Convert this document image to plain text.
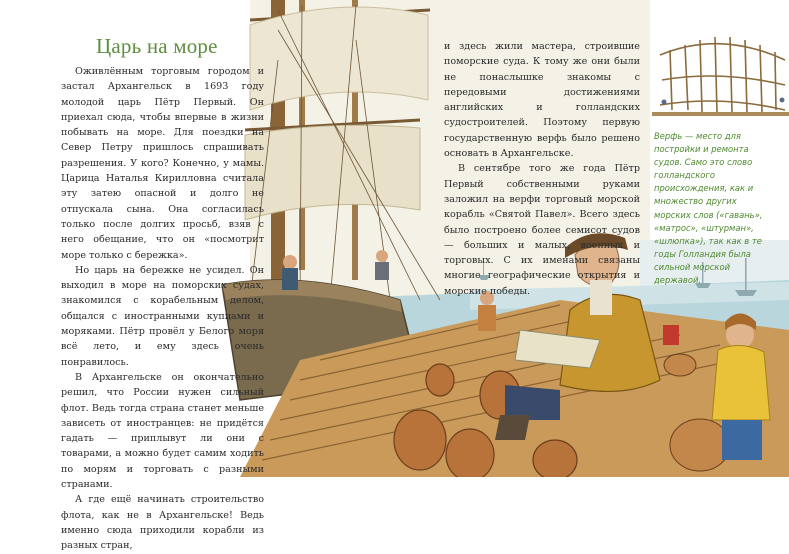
Царь на море

Оживлённым торговым городом и застал Архангельск в 1693 году молодой царь Пётр Первый. Он приехал сюда, чтобы впервые в жизни побывать на море. Для поездки на Север Петру пришлось спрашивать разрешения. У кого? Конечно, у мамы. Царица Наталья Кирилловна считала эту затею опасной и долго не отпускала сына. Она согласилась только после долгих просьб, взяв с него обещание, что он «посмотрит море только с бережка».

Но царь на бережке не усидел. Он выходил в море на поморских судах, знакомился с корабельным делом, общался с иностранными купцами и моряками. Пётр провёл у Белого моря всё лето, и ему здесь очень понравилось.

В Архангельске он окончательно решил, что России нужен сильный флот. Ведь тогда страна станет меньше зависеть от иностранцев: не придётся гадать — приплывут ли они с товарами, а можно будет самим ходить по морям и торговать с разными странами.

А где ещё начинать строительство флота, как не в Архангельске! Ведь именно сюда приходили корабли из разных стран,

и здесь жили мастера, строившие поморские суда. К тому же они были не понаслышке знакомы с передовыми достижениями английских и голландских судостроителей. Поэтому первую государственную верфь было решено основать в Архангельске.

В сентябре того же года Пётр Первый собственными руками заложил на верфи торговый морской корабль «Святой Павел». Всего здесь было построено более семисот судов — больших и малых, военных и торговых. С их именами связаны многие географические открытия и морские победы.

Верфь — место для постройки и ремонта судов. Само это слово голландского происхождения, как и множество других морских слов («гавань», «матрос», «штурман», «шлюпка»), так как в те годы Голландия была сильной морской державой.
